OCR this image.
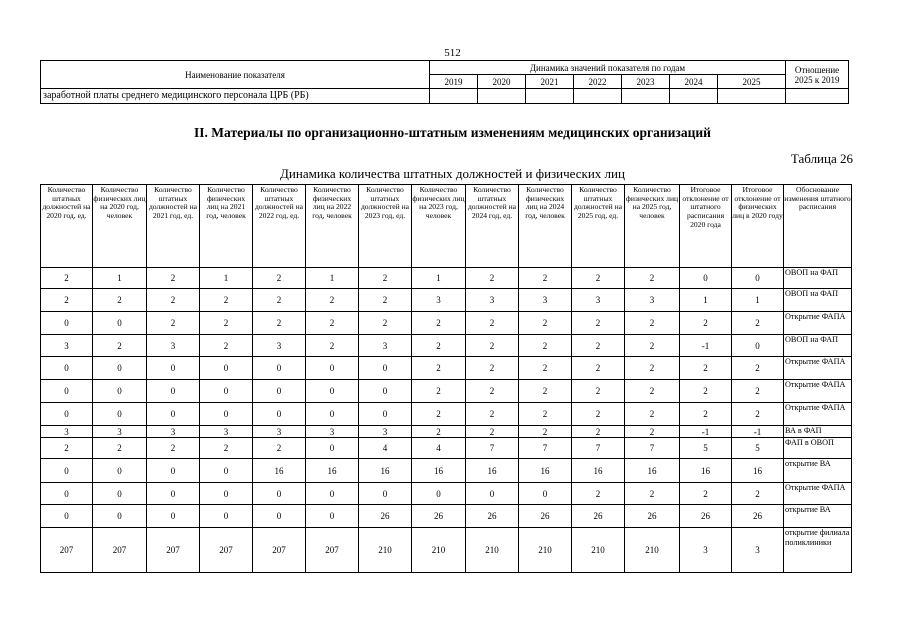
512
Наименование показателя	Динамика значений показателя по годам							Отношение 2025 к 2019
	2019	2020	2021	2022	2023	2024	2025	
заработной платы среднего медицинского персонала ЦРБ (РБ)								
II. Материалы по организационно-штатным изменениям медицинских организаций
Таблица 26
Динамика количества штатных должностей и физических лиц
Количество штатных должностей на 2020 год, ед.	Количество физических лиц на 2020 год, человек	Количество штатных должностей на 2021 год, ед.	Количество физических лиц на 2021 год, человек	Количество штатных должностей на 2022 год, ед.	Количество физических лиц на 2022 год, человек	Количество штатных должностей на 2023 год, ед.	Количество физических лиц на 2023 год, человек	Количество штатных должностей на 2024 год, ед.	Количество физических лиц на 2024 год, человек	Количество штатных должностей на 2025 год, ед.	Количество физических лиц на 2025 год, человек	Итоговое отклонение от штатного расписания 2020 года	Итоговое отклонение от физических лиц в 2020 году	Обоснование изменения штатного расписания
2	1	2	1	2	1	2	1	2	2	2	2	0	0	ОВОП на ФАП
2	2	2	2	2	2	2	3	3	3	3	3	1	1	ОВОП на ФАП
0	0	2	2	2	2	2	2	2	2	2	2	2	2	Открытие ФАПА
3	2	3	2	3	2	3	2	2	2	2	2	-1	0	ОВОП на ФАП
0	0	0	0	0	0	0	2	2	2	2	2	2	2	Открытие ФАПА
0	0	0	0	0	0	0	2	2	2	2	2	2	2	Открытие ФАПА
0	0	0	0	0	0	0	2	2	2	2	2	2	2	Открытие ФАПА
3	3	3	3	3	3	3	2	2	2	2	2	-1	-1	ВА в ФАП
2	2	2	2	2	0	4	4	7	7	7	7	5	5	ФАП в ОВОП
0	0	0	0	16	16	16	16	16	16	16	16	16	16	открытие ВА
0	0	0	0	0	0	0	0	0	0	2	2	2	2	Открытие ФАПА
0	0	0	0	0	0	26	26	26	26	26	26	26	26	открытие ВА
207	207	207	207	207	207	210	210	210	210	210	210	3	3	открытие филиала поликлиники
